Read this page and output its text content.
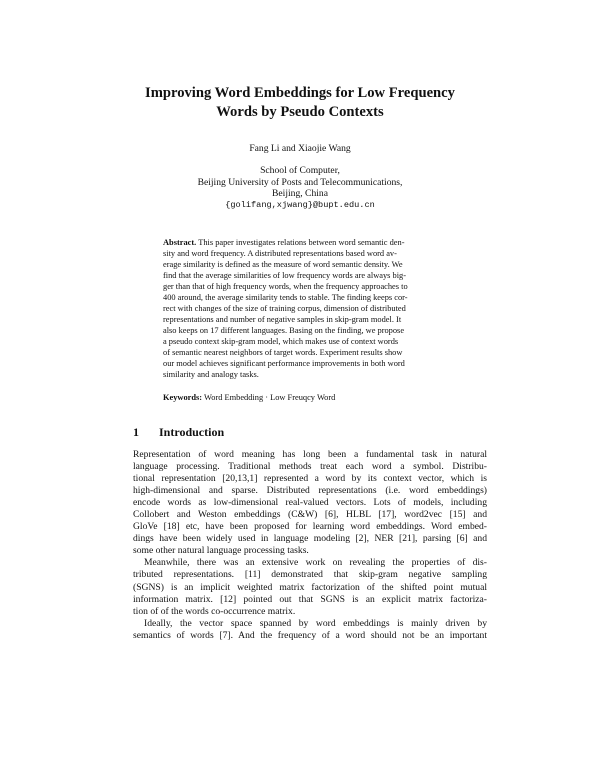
Improving Word Embeddings for Low Frequency
Words by Pseudo Contexts
Fang Li and Xiaojie Wang
School of Computer,
Beijing University of Posts and Telecommunications,
Beijing, China
{golifang,xjwang}@bupt.edu.cn
Abstract. This paper investigates relations between word semantic den-
sity and word frequency. A distributed representations based word av-
erage similarity is defined as the measure of word semantic density. We
find that the average similarities of low frequency words are always big-
ger than that of high frequency words, when the frequency approaches to
400 around, the average similarity tends to stable. The finding keeps cor-
rect with changes of the size of training corpus, dimension of distributed
representations and number of negative samples in skip-gram model. It
also keeps on 17 different languages. Basing on the finding, we propose
a pseudo context skip-gram model, which makes use of context words
of semantic nearest neighbors of target words. Experiment results show
our model achieves significant performance improvements in both word
similarity and analogy tasks.
Keywords: Word Embedding · Low Freuqcy Word
1 Introduction
Representation of word meaning has long been a fundamental task in natural
language processing. Traditional methods treat each word a symbol. Distribu-
tional representation [20,13,1] represented a word by its context vector, which is
high-dimensional and sparse. Distributed representations (i.e. word embeddings)
encode words as low-dimensional real-valued vectors. Lots of models, including
Collobert and Weston embeddings (C&W) [6], HLBL [17], word2vec [15] and
GloVe [18] etc, have been proposed for learning word embeddings. Word embed-
dings have been widely used in language modeling [2], NER [21], parsing [6] and
some other natural language processing tasks.
Meanwhile, there was an extensive work on revealing the properties of dis-
tributed representations. [11] demonstrated that skip-gram negative sampling
(SGNS) is an implicit weighted matrix factorization of the shifted point mutual
information matrix. [12] pointed out that SGNS is an explicit matrix factoriza-
tion of of the words co-occurrence matrix.
Ideally, the vector space spanned by word embeddings is mainly driven by
semantics of words [7]. And the frequency of a word should not be an important
